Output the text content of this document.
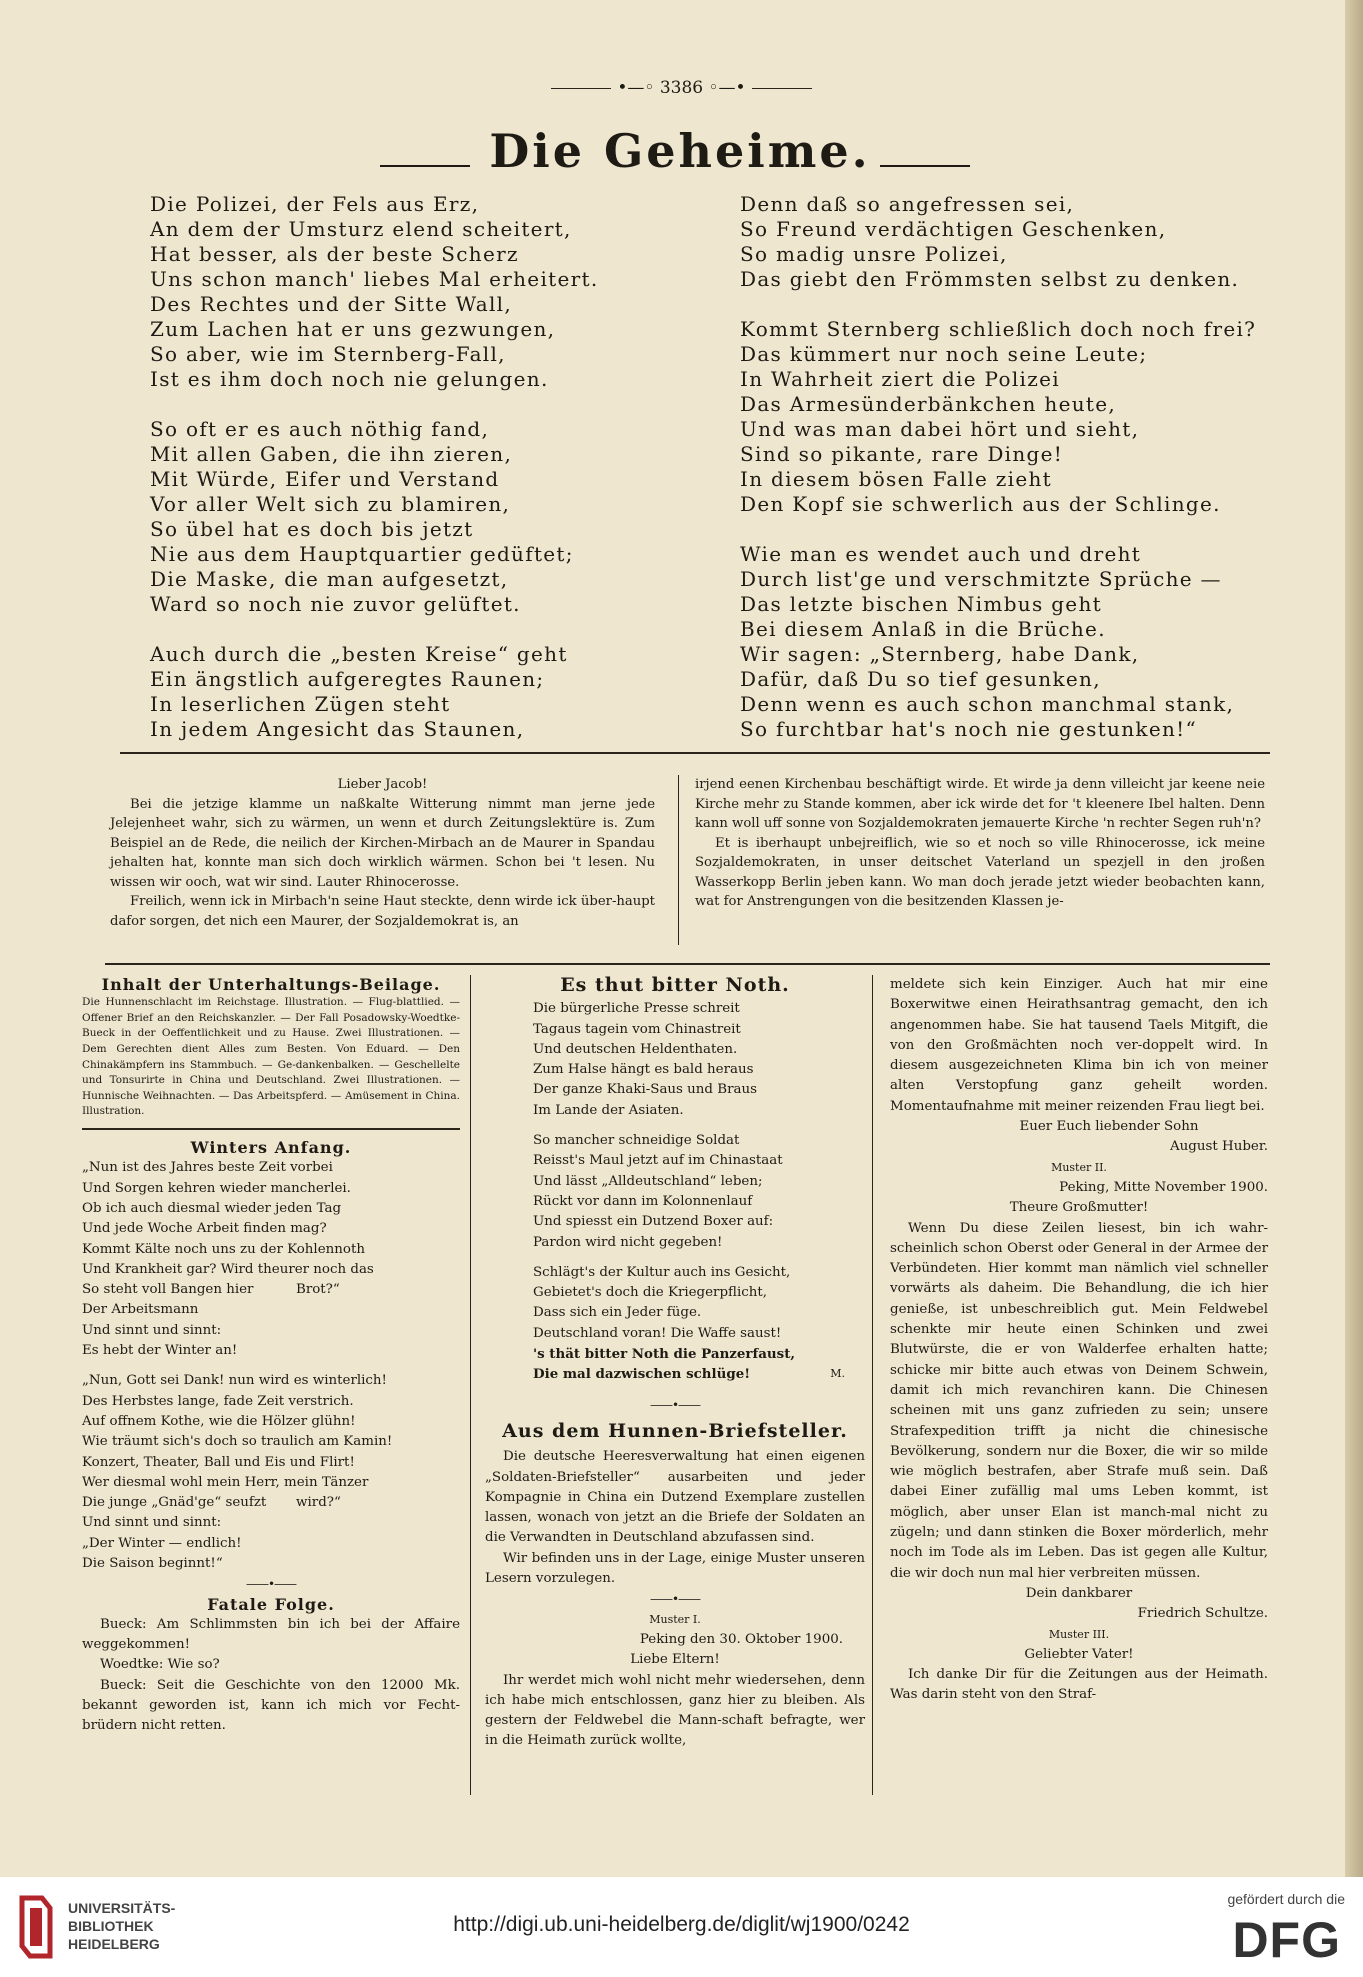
•—◦ 3386 ◦—•
Die Geheime.
Die Polizei, der Fels aus Erz,
An dem der Umsturz elend scheitert,
Hat besser, als der beste Scherz
Uns schon manch' liebes Mal erheitert.
Des Rechtes und der Sitte Wall,
Zum Lachen hat er uns gezwungen,
So aber, wie im Sternberg-Fall,
Ist es ihm doch noch nie gelungen.
So oft er es auch nöthig fand,
Mit allen Gaben, die ihn zieren,
Mit Würde, Eifer und Verstand
Vor aller Welt sich zu blamiren,
So übel hat es doch bis jetzt
Nie aus dem Hauptquartier gedüftet;
Die Maske, die man aufgesetzt,
Ward so noch nie zuvor gelüftet.
Auch durch die „besten Kreise“ geht
Ein ängstlich aufgeregtes Raunen;
In leserlichen Zügen steht
In jedem Angesicht das Staunen,
Denn daß so angefressen sei,
So Freund verdächtigen Geschenken,
So madig unsre Polizei,
Das giebt den Frömmsten selbst zu denken.
Kommt Sternberg schließlich doch noch frei?
Das kümmert nur noch seine Leute;
In Wahrheit ziert die Polizei
Das Armesünderbänkchen heute,
Und was man dabei hört und sieht,
Sind so pikante, rare Dinge!
In diesem bösen Falle zieht
Den Kopf sie schwerlich aus der Schlinge.
Wie man es wendet auch und dreht
Durch list'ge und verschmitzte Sprüche —
Das letzte bischen Nimbus geht
Bei diesem Anlaß in die Brüche.
Wir sagen: „Sternberg, habe Dank,
Dafür, daß Du so tief gesunken,
Denn wenn es auch schon manchmal stank,
So furchtbar hat's noch nie gestunken!“

Lieber Jacob!

Bei die jetzige klamme un naßkalte Witterung nimmt man jerne jede Jelejenheet wahr, sich zu wärmen, un wenn et durch Zeitungslektüre is. Zum Beispiel an de Rede, die neilich der Kirchen-Mirbach an de Maurer in Spandau jehalten hat, konnte man sich doch wirklich wärmen. Schon bei 't lesen. Nu wissen wir ooch, wat wir sind. Lauter Rhinocerosse.

Freilich, wenn ick in Mirbach'n seine Haut steckte, denn wirde ick über-haupt dafor sorgen, det nich een Maurer, der Sozjaldemokrat is, an

irjend eenen Kirchenbau beschäftigt wirde. Et wirde ja denn villeicht jar keene neie Kirche mehr zu Stande kommen, aber ick wirde det for 't kleenere Ibel halten. Denn kann woll uff sonne von Sozjaldemokraten jemauerte Kirche 'n rechter Segen ruh'n?

Et is iberhaupt unbejreiflich, wie so et noch so ville Rhinocerosse, ick meine Sozjaldemokraten, in unser deitschet Vaterland un spezjell in den jroßen Wasserkopp Berlin jeben kann. Wo man doch jerade jetzt wieder beobachten kann, wat for Anstrengungen von die besitzenden Klassen je-

Inhalt der Unterhaltungs-Beilage.

Die Hunnenschlacht im Reichstage. Illustration. — Flug-blattlied. — Offener Brief an den Reichskanzler. — Der Fall Posadowsky-Woedtke-Bueck in der Oeffentlichkeit und zu Hause. Zwei Illustrationen. — Dem Gerechten dient Alles zum Besten. Von Eduard. — Den Chinakämpfern ins Stammbuch. — Ge-dankenbalken. — Geschellelte und Tonsurirte in China und Deutschland. Zwei Illustrationen. — Hunnische Weihnachten. — Das Arbeitspferd. — Amüsement in China. Illustration.

Winters Anfang.

„Nun ist des Jahres beste Zeit vorbei

Und Sorgen kehren wieder mancherlei.

Ob ich auch diesmal wieder jeden Tag

Und jede Woche Arbeit finden mag?

Kommt Kälte noch uns zu der Kohlennoth

Und Krankheit gar? Wird theurer noch das

So steht voll Bangen hier          Brot?“

Der Arbeitsmann

Und sinnt und sinnt:

Es hebt der Winter an!

„Nun, Gott sei Dank! nun wird es winterlich!

Des Herbstes lange, fade Zeit verstrich.

Auf offnem Kothe, wie die Hölzer glühn!

Wie träumt sich's doch so traulich am Kamin!

Konzert, Theater, Ball und Eis und Flirt!

Wer diesmal wohl mein Herr, mein Tänzer

Die junge „Gnäd'ge“ seufzt       wird?“

Und sinnt und sinnt:

„Der Winter — endlich!

Die Saison beginnt!“

——•——

Fatale Folge.

Bueck: Am Schlimmsten bin ich bei der Affaire weggekommen!

Woedtke: Wie so?

Bueck: Seit die Geschichte von den 12000 Mk. bekannt geworden ist, kann ich mich vor Fecht-brüdern nicht retten.

Es thut bitter Noth.

Die bürgerliche Presse schreit

Tagaus tagein vom Chinastreit

Und deutschen Heldenthaten.

Zum Halse hängt es bald heraus

Der ganze Khaki-Saus und Braus

Im Lande der Asiaten.

So mancher schneidige Soldat

Reisst's Maul jetzt auf im Chinastaat

Und lässt „Alldeutschland“ leben;

Rückt vor dann im Kolonnenlauf

Und spiesst ein Dutzend Boxer auf:

Pardon wird nicht gegeben!

Schlägt's der Kultur auch ins Gesicht,

Gebietet's doch die Kriegerpflicht,

Dass sich ein Jeder füge.

Deutschland voran! Die Waffe saust!

's thät bitter Noth die Panzerfaust,

Die mal dazwischen schlüge!	M.

——•——

Aus dem Hunnen-Briefsteller.

Die deutsche Heeresverwaltung hat einen eigenen „Soldaten-Briefsteller“ ausarbeiten und jeder Kompagnie in China ein Dutzend Exemplare zustellen lassen, wonach von jetzt an die Briefe der Soldaten an die Verwandten in Deutschland abzufassen sind.

Wir befinden uns in der Lage, einige Muster unseren Lesern vorzulegen.

——•——

Muster I.

Peking den 30. Oktober 1900.

Liebe Eltern!

Ihr werdet mich wohl nicht mehr wiedersehen, denn ich habe mich entschlossen, ganz hier zu bleiben. Als gestern der Feldwebel die Mann-schaft befragte, wer in die Heimath zurück wollte,

meldete sich kein Einziger. Auch hat mir eine Boxerwitwe einen Heirathsantrag gemacht, den ich angenommen habe. Sie hat tausend Taels Mitgift, die von den Großmächten noch ver-doppelt wird. In diesem ausgezeichneten Klima bin ich von meiner alten Verstopfung ganz geheilt worden. Momentaufnahme mit meiner reizenden Frau liegt bei.

Euer Euch liebender Sohn

August Huber.

Muster II.

Peking, Mitte November 1900.

Theure Großmutter!

Wenn Du diese Zeilen liesest, bin ich wahr-scheinlich schon Oberst oder General in der Armee der Verbündeten. Hier kommt man nämlich viel schneller vorwärts als daheim. Die Behandlung, die ich hier genieße, ist unbeschreiblich gut. Mein Feldwebel schenkte mir heute einen Schinken und zwei Blutwürste, die er von Walderfee erhalten hatte; schicke mir bitte auch etwas von Deinem Schwein, damit ich mich revanchiren kann. Die Chinesen scheinen mit uns ganz zufrieden zu sein; unsere Strafexpedition trifft ja nicht die chinesische Bevölkerung, sondern nur die Boxer, die wir so milde wie möglich bestrafen, aber Strafe muß sein. Daß dabei Einer zufällig mal ums Leben kommt, ist möglich, aber unser Elan ist manch-mal nicht zu zügeln; und dann stinken die Boxer mörderlich, mehr noch im Tode als im Leben. Das ist gegen alle Kultur, die wir doch nun mal hier verbreiten müssen.

Dein dankbarer

Friedrich Schultze.

Muster III.

Geliebter Vater!

Ich danke Dir für die Zeitungen aus der Heimath. Was darin steht von den Straf-

UNIVERSITÄTS-
BIBLIOTHEK
HEIDELBERG
http://digi.ub.uni-heidelberg.de/diglit/wj1900/0242
gefördert durch die
DFG
